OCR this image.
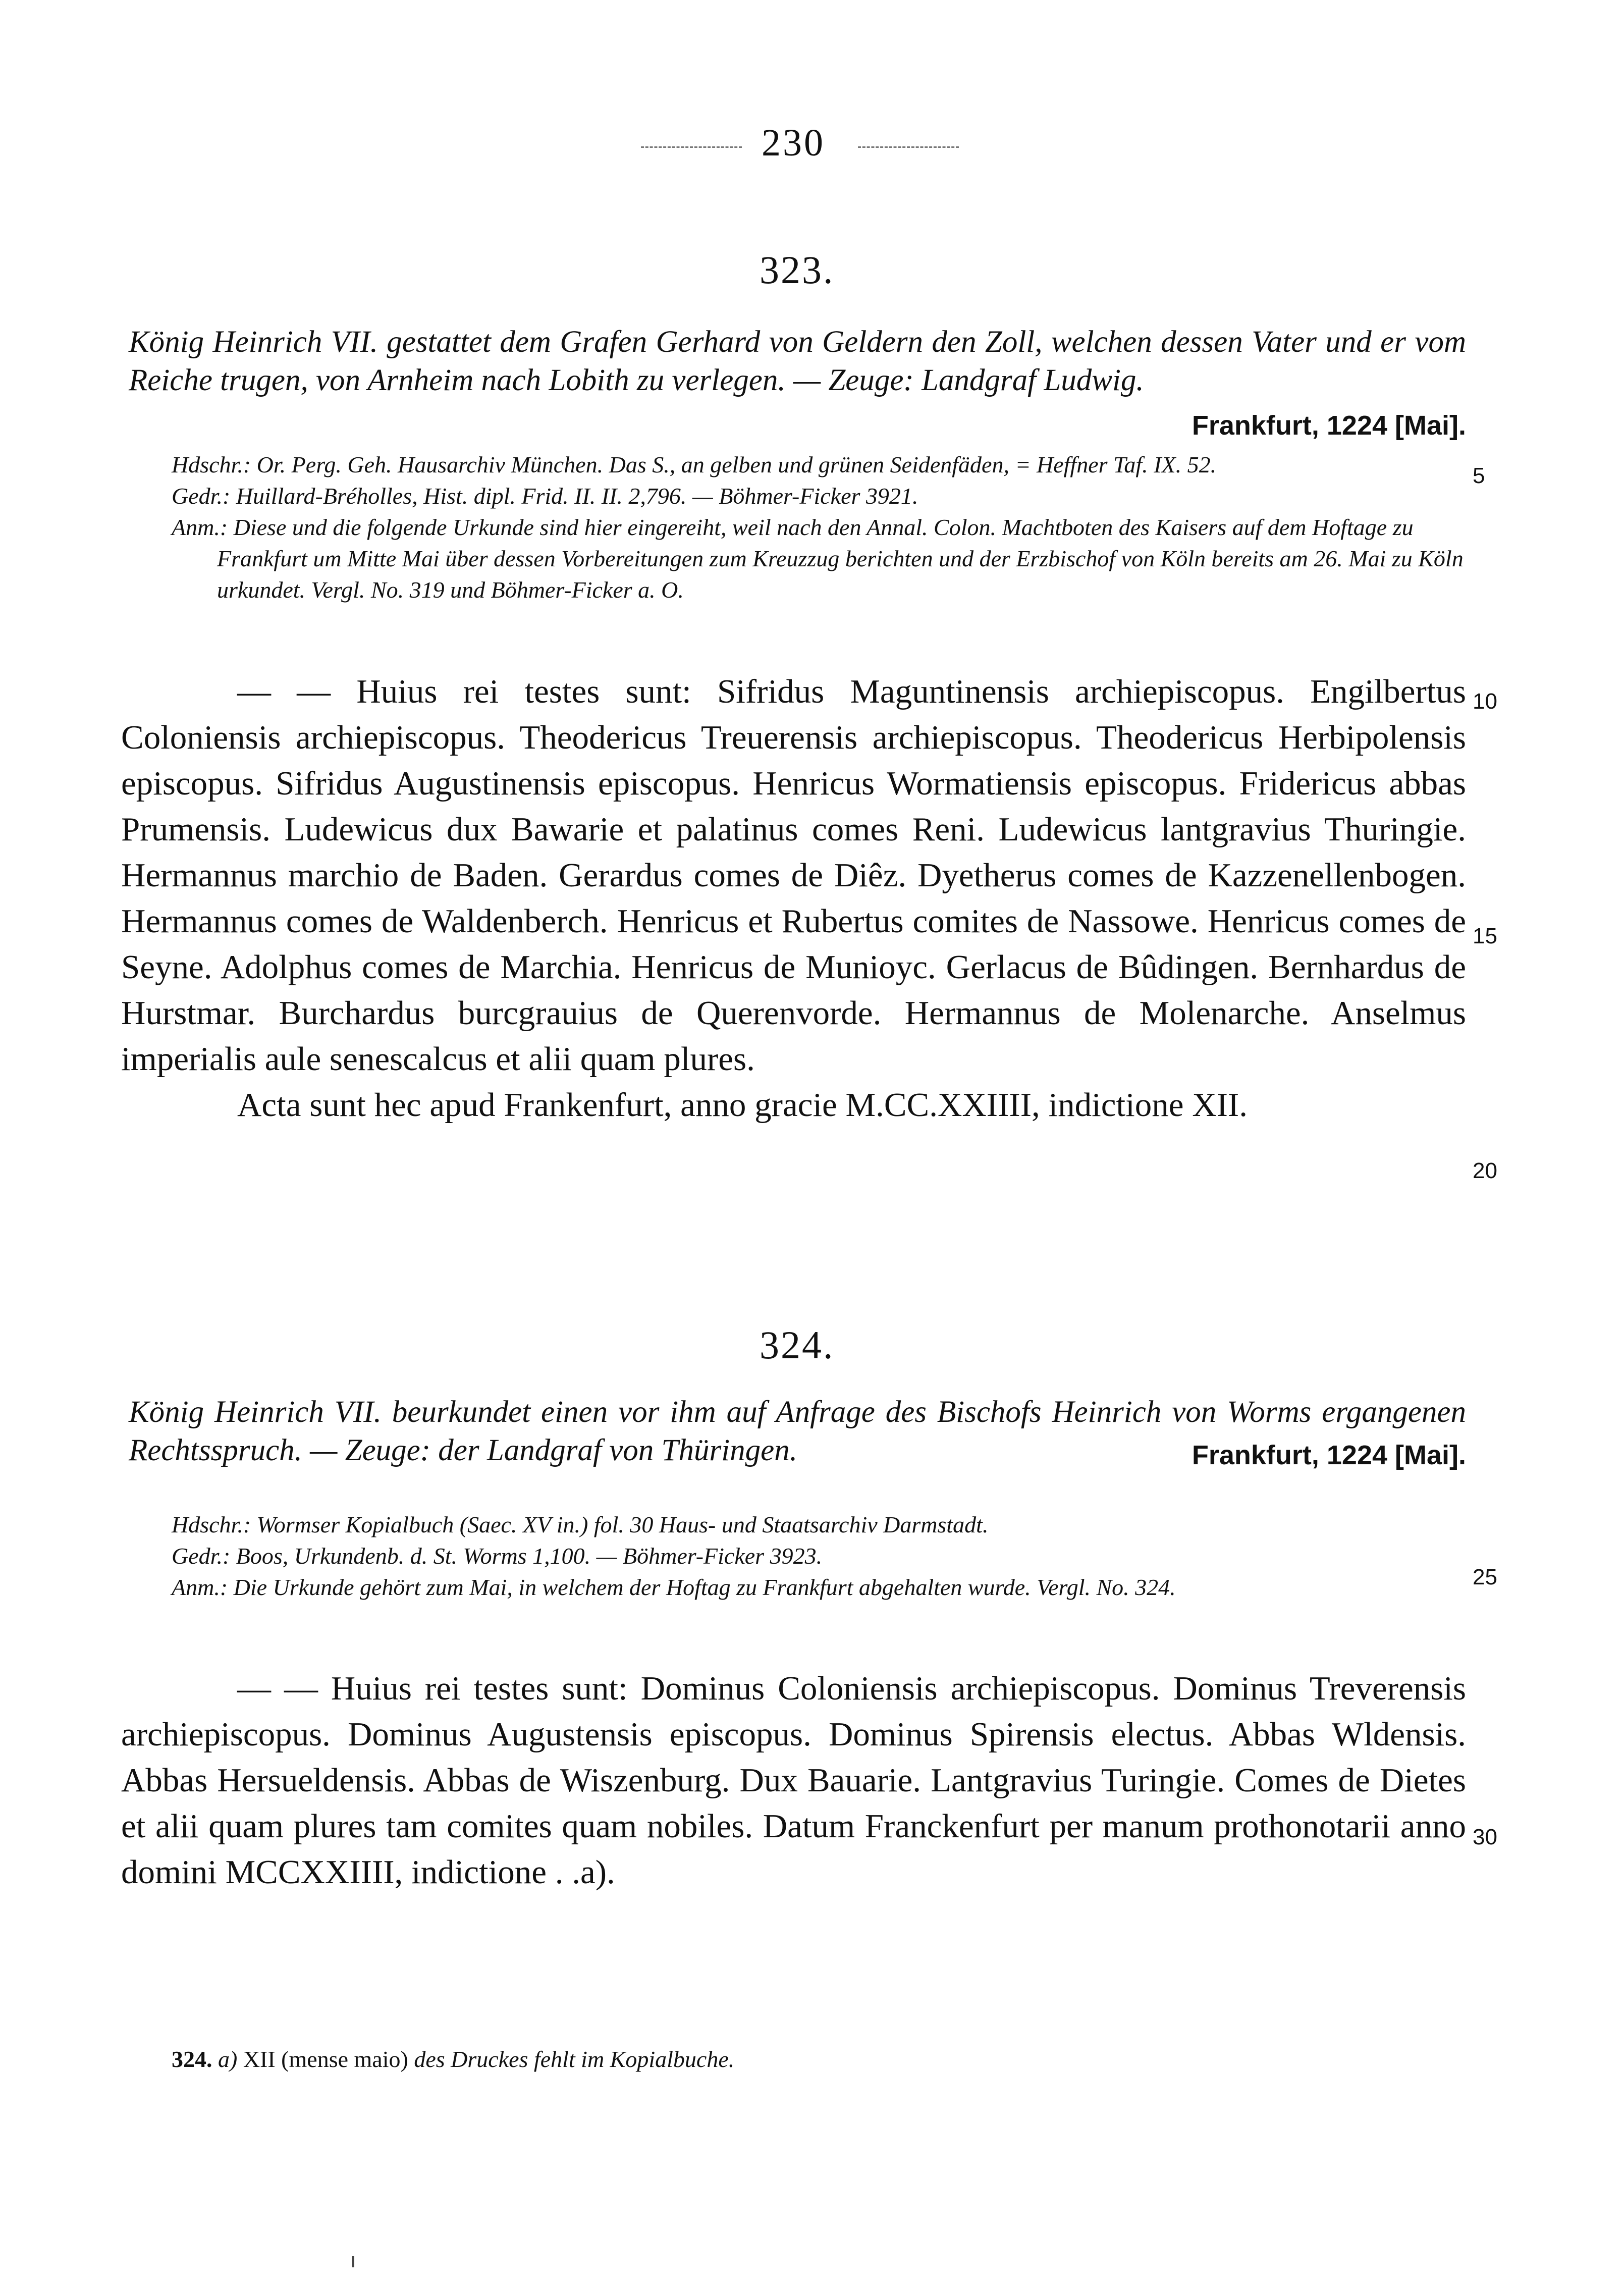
230
323.
König Heinrich VII. gestattet dem Grafen Gerhard von Geldern den Zoll, welchen dessen Vater und er vom Reiche trugen, von Arnheim nach Lobith zu verlegen. — Zeuge: Landgraf Ludwig.
Frankfurt, 1224 [Mai].

Hdschr.: Or. Perg. Geh. Hausarchiv München. Das S., an gelben und grünen Seidenfäden, = Heffner Taf. IX. 52.

Gedr.: Huillard-Bréholles, Hist. dipl. Frid. II. II. 2,796. — Böhmer-Ficker 3921.

Anm.: Diese und die folgende Urkunde sind hier eingereiht, weil nach den Annal. Colon. Machtboten des Kaisers auf dem Hoftage zu Frankfurt um Mitte Mai über dessen Vorbereitungen zum Kreuzzug berichten und der Erzbischof von Köln bereits am 26. Mai zu Köln urkundet. Vergl. No. 319 und Böhmer-Ficker a. O.

— — Huius rei testes sunt: Sifridus Maguntinensis archiepiscopus. Engilbertus Coloniensis archiepiscopus. Theodericus Treuerensis archiepiscopus. Theodericus Herbipolensis episcopus. Sifridus Augustinensis episcopus. Henricus Wormatiensis episcopus. Fridericus abbas Prumensis. Ludewicus dux Bawarie et palatinus comes Reni. Ludewicus lantgravius Thuringie. Hermannus marchio de Baden. Gerardus comes de Diêz. Dyetherus comes de Kazzenellenbogen. Hermannus comes de Waldenberch. Henricus et Rubertus comites de Nassowe. Henricus comes de Seyne. Adolphus comes de Marchia. Henricus de Munioyc. Gerlacus de Bûdingen. Bernhardus de Hurstmar. Burchardus burcgrauius de Querenvorde. Hermannus de Molenarche. Anselmus imperialis aule senescalcus et alii quam plures.

Acta sunt hec apud Frankenfurt, anno gracie M.CC.XXIIII, indictione XII.

324.
König Heinrich VII. beurkundet einen vor ihm auf Anfrage des Bischofs Heinrich von Worms ergangenen Rechtsspruch. — Zeuge: der Landgraf von Thüringen.	Frankfurt, 1224 [Mai].

Hdschr.: Wormser Kopialbuch (Saec. XV in.) fol. 30 Haus- und Staatsarchiv Darmstadt.

Gedr.: Boos, Urkundenb. d. St. Worms 1,100. — Böhmer-Ficker 3923.

Anm.: Die Urkunde gehört zum Mai, in welchem der Hoftag zu Frankfurt abgehalten wurde. Vergl. No. 324.

— — Huius rei testes sunt: Dominus Coloniensis archiepiscopus. Dominus Treverensis archiepiscopus. Dominus Augustensis episcopus. Dominus Spirensis electus. Abbas Wldensis. Abbas Hersueldensis. Abbas de Wiszenburg. Dux Bauarie. Lantgravius Turingie. Comes de Dietes et alii quam plures tam comites quam nobiles. Datum Franckenfurt per manum prothonotarii anno domini MCCXXIIII, indictione . .a).

5
10
15
20
25
30
324. a) XII (mense maio) des Druckes fehlt im Kopialbuche.
